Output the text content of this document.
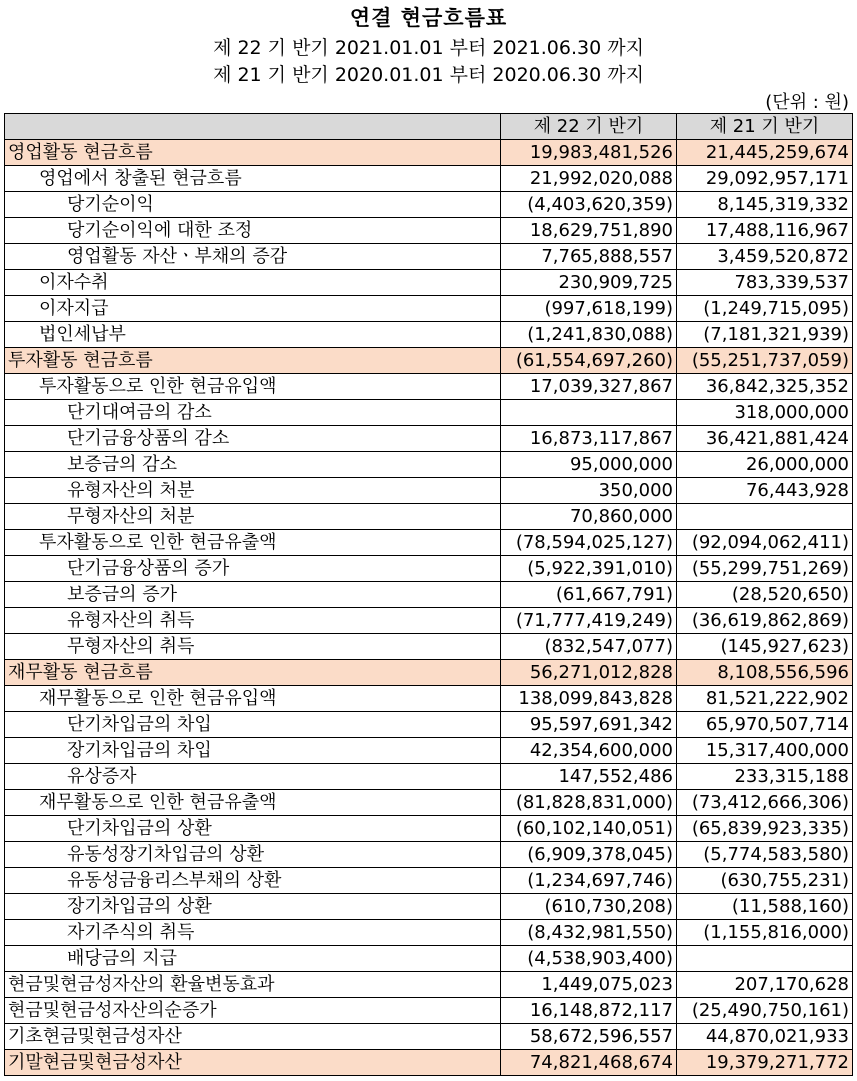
연결 현금흐름표
제 22 기 반기 2021.01.01 부터 2021.06.30 까지
제 21 기 반기 2020.01.01 부터 2020.06.30 까지
(단위 : 원)
	제 22 기 반기	제 21 기 반기
영업활동 현금흐름	19,983,481,526	21,445,259,674
영업에서 창출된 현금흐름	21,992,020,088	29,092,957,171
당기순이익	(4,403,620,359)	8,145,319,332
당기순이익에 대한 조정	18,629,751,890	17,488,116,967
영업활동 자산ㆍ부채의 증감	7,765,888,557	3,459,520,872
이자수취	230,909,725	783,339,537
이자지급	(997,618,199)	(1,249,715,095)
법인세납부	(1,241,830,088)	(7,181,321,939)
투자활동 현금흐름	(61,554,697,260)	(55,251,737,059)
투자활동으로 인한 현금유입액	17,039,327,867	36,842,325,352
단기대여금의 감소		318,000,000
단기금융상품의 감소	16,873,117,867	36,421,881,424
보증금의 감소	95,000,000	26,000,000
유형자산의 처분	350,000	76,443,928
무형자산의 처분	70,860,000	
투자활동으로 인한 현금유출액	(78,594,025,127)	(92,094,062,411)
단기금융상품의 증가	(5,922,391,010)	(55,299,751,269)
보증금의 증가	(61,667,791)	(28,520,650)
유형자산의 취득	(71,777,419,249)	(36,619,862,869)
무형자산의 취득	(832,547,077)	(145,927,623)
재무활동 현금흐름	56,271,012,828	8,108,556,596
재무활동으로 인한 현금유입액	138,099,843,828	81,521,222,902
단기차입금의 차입	95,597,691,342	65,970,507,714
장기차입금의 차입	42,354,600,000	15,317,400,000
유상증자	147,552,486	233,315,188
재무활동으로 인한 현금유출액	(81,828,831,000)	(73,412,666,306)
단기차입금의 상환	(60,102,140,051)	(65,839,923,335)
유동성장기차입금의 상환	(6,909,378,045)	(5,774,583,580)
유동성금융리스부채의 상환	(1,234,697,746)	(630,755,231)
장기차입금의 상환	(610,730,208)	(11,588,160)
자기주식의 취득	(8,432,981,550)	(1,155,816,000)
배당금의 지급	(4,538,903,400)	
현금및현금성자산의 환율변동효과	1,449,075,023	207,170,628
현금및현금성자산의순증가	16,148,872,117	(25,490,750,161)
기초현금및현금성자산	58,672,596,557	44,870,021,933
기말현금및현금성자산	74,821,468,674	19,379,271,772
